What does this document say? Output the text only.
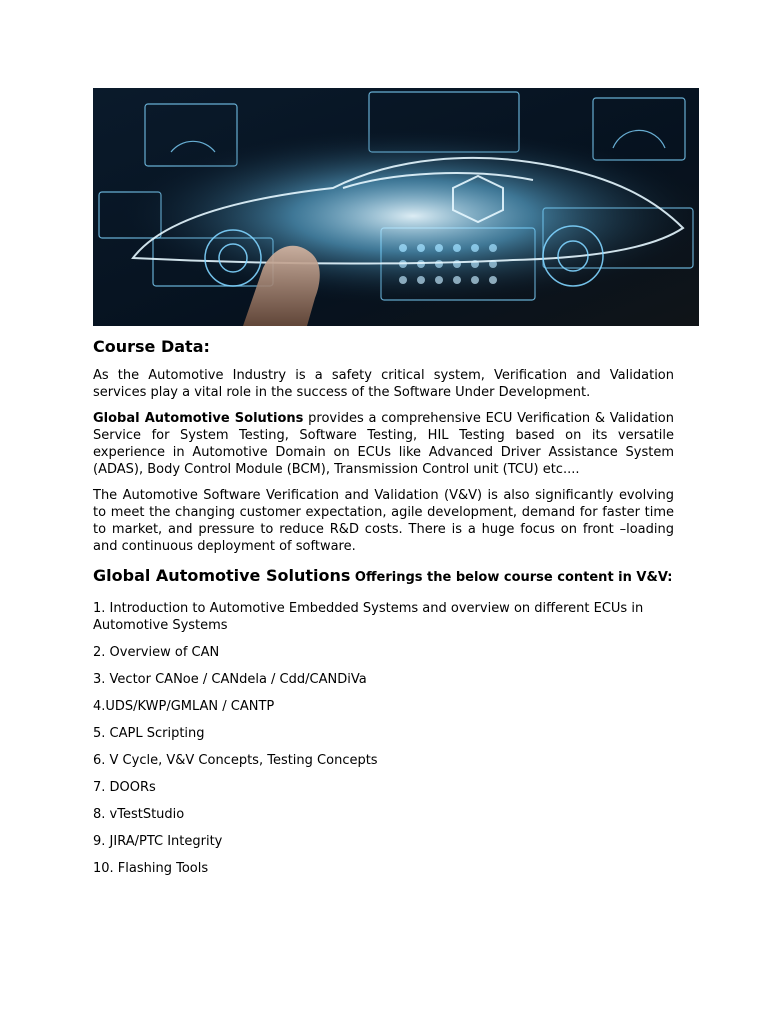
Course Data:

As the Automotive Industry is a safety critical system, Verification and Validation services play a vital role in the success of the Software Under Development.

Global Automotive Solutions provides a comprehensive ECU Verification & Validation Service for System Testing, Software Testing, HIL Testing based on its versatile experience in Automotive Domain on ECUs like Advanced Driver Assistance System (ADAS), Body Control Module (BCM), Transmission Control unit (TCU) etc....

The Automotive Software Verification and Validation (V&V) is also significantly evolving to meet the changing customer expectation, agile development, demand for faster time to market, and pressure to reduce R&D costs. There is a huge focus on front –loading and continuous deployment of software.

Global Automotive Solutions Offerings the below course content in V&V:
1. Introduction to Automotive Embedded Systems and overview on different ECUs in Automotive Systems
2. Overview of CAN
3. Vector CANoe / CANdela / Cdd/CANDiVa
4.UDS/KWP/GMLAN / CANTP
5. CAPL Scripting
6. V Cycle, V&V Concepts, Testing Concepts
7. DOORs
8. vTestStudio
9. JIRA/PTC Integrity
10. Flashing Tools
